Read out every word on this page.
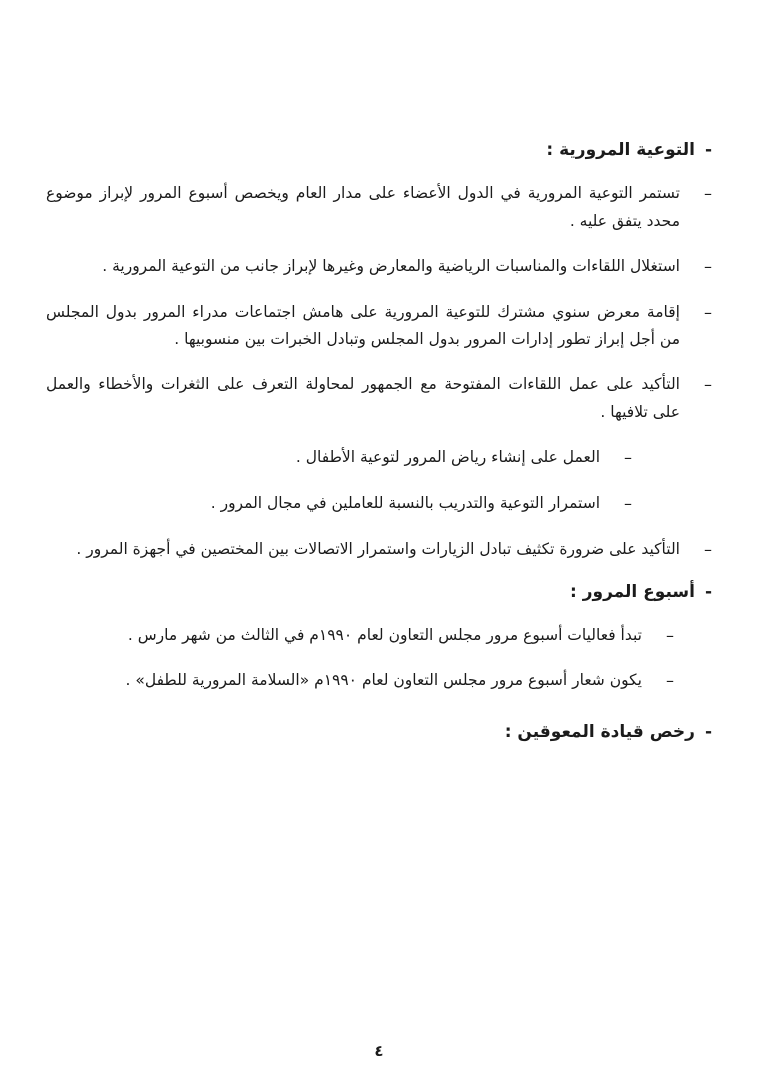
-
التوعية المرورية :
–

تستمر التوعية المرورية في الدول الأعضاء على مدار العام ويخصص أسبوع المرور لإبراز موضوع محدد يتفق عليه .

–

استغلال اللقاءات والمناسبات الرياضية والمعارض وغيرها لإبراز جانب من التوعية المرورية .

–

إقامة معرض سنوي مشترك للتوعية المرورية على هامش اجتماعات مدراء المرور بدول المجلس من أجل إبراز تطور إدارات المرور بدول المجلس وتبادل الخبرات بين منسوبيها .

–

التأكيد على عمل اللقاءات المفتوحة مع الجمهور لمحاولة التعرف على الثغرات والأخطاء والعمل على تلافيها .

–

العمل على إنشاء رياض المرور لتوعية الأطفال .

–

استمرار التوعية والتدريب بالنسبة للعاملين في مجال المرور .

–

التأكيد على ضرورة تكثيف تبادل الزيارات واستمرار الاتصالات بين المختصين في أجهزة المرور .

-
أسبوع المرور :
–

تبدأ فعاليات أسبوع مرور مجلس التعاون لعام ١٩٩٠م في الثالث من شهر مارس .

–

يكون شعار أسبوع مرور مجلس التعاون لعام ١٩٩٠م «السلامة المرورية للطفل» .

-
رخص قيادة المعوقين :
٤
